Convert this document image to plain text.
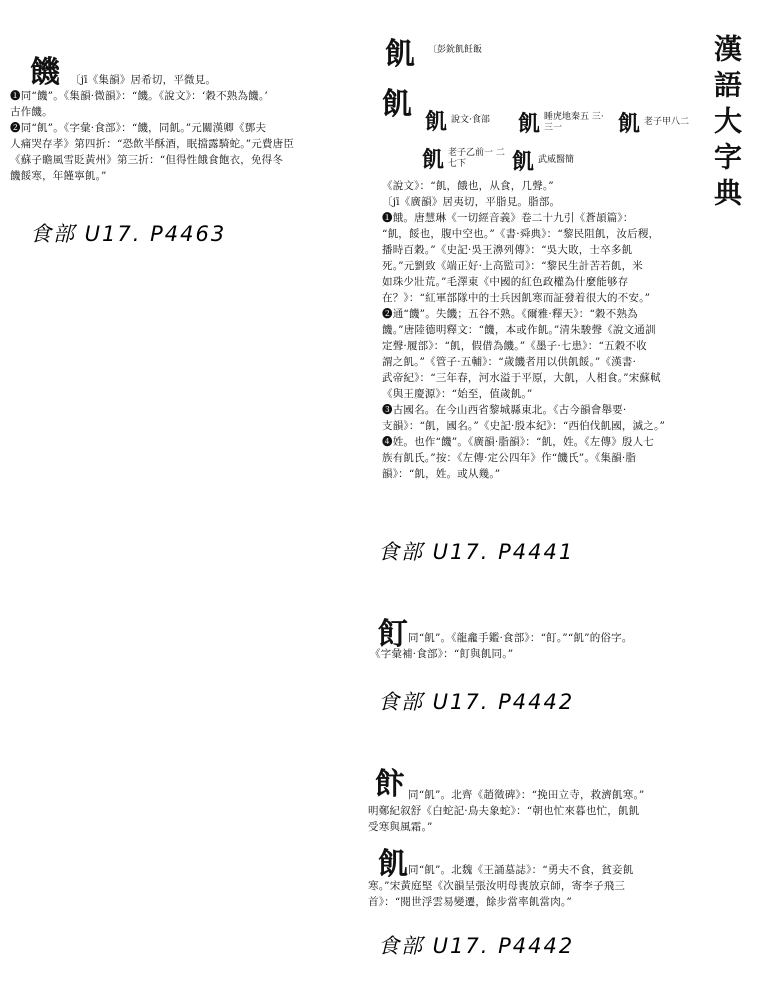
漢語大字典
饑 〔jī《集韻》居希切，平微見。

❶同“饑”。《集韻·微韻》：“饑。《說文》：‘穀不熟為饑。’

古作饑。

❷同“飢”。《字彙·食部》：“饑，同飢。”元關漢卿《鄧夫

人痛哭存孝》第四折：“恐飲半酥酒，眠擋露騎蛇。”元費唐臣

《蘇子瞻風雪貶黃州》第三折：“但得性餓食飽衣，免得冬

饑餒寒，年饉寧飢。”

食部 U17. P4463
飢 〔彭鈗飢飪飯
飢 飢 說文·食部	飢 睡虎地秦五 三·三一	飢 老子甲八二
飢 老子乙前一 二七下	飢 武威醫簡

《說文》：“飢，餓也，从食，几聲。”

〔jī《廣韻》居夷切，平脂見。脂部。

❶餓。唐慧琳《一切經音義》卷二十九引《蒼頡篇》：

“飢，餒也，腹中空也。”《書·舜典》：“黎民阻飢，汝后稷，

播時百穀。”《史記·吳王濞列傳》：“吳大敗，士卒多飢

死。”元劉致《端正好·上高監司》：“黎民生計苦若飢，米

如珠少壯荒。”毛澤東《中國的紅色政權為什麼能够存

在？》：“紅軍部隊中的士兵因飢寒而証發着很大的不安。”

❷通“饑”。失饑；五谷不熟。《爾雅·釋天》：“穀不熟為

饑。”唐陸德明釋文：“饑，本或作飢。”清朱駿聲《說文通訓

定聲·履部》：“飢，假借為饑。”《墨子·七患》：“五穀不收

謂之飢。”《管子·五輔》：“歲饑者用以供飢餒。”《漢書·

武帝紀》：“三年春，河水溢于平原，大飢，人相食。”宋蘇軾

《與王慶源》：“始至，值歲飢。”

❸古國名。在今山西省黎城縣東北。《古今韻會舉要·

支韻》：“飢，國名。”《史記·殷本紀》：“西伯伐飢國，滅之。”

❹姓。也作“饑”。《廣韻·脂韻》：“飢，姓。《左傳》殷人七

族有飢氏。”按：《左傳·定公四年》作“饑氏”。《集韻·脂

韻》：“飢，姓。或从幾。”

食部 U17. P4441
飣 同“飢”。《龍龕手鑑·食部》：“飣。”“飢”的俗字。

《字彙補·食部》：“飣與飢同。”

食部 U17. P4442
飰 同“飢”。北齊《趙徵碑》：“挽田立寺，救濟飢寒。”

明鄭紀叙舒《白蛇記·鳥夫象蛇》：“朝也忙來暮也忙，飢飢

受寒與風霜。”

飢 同“飢”。北魏《王誦墓誌》：“勇夫不食，貧妾飢

寒。”宋黃庭堅《次韻呈張汝明母喪放京師，寄李子飛三

首》：“閱世浮雲易變遷，餘步當率飢當肉。”

食部 U17. P4442
